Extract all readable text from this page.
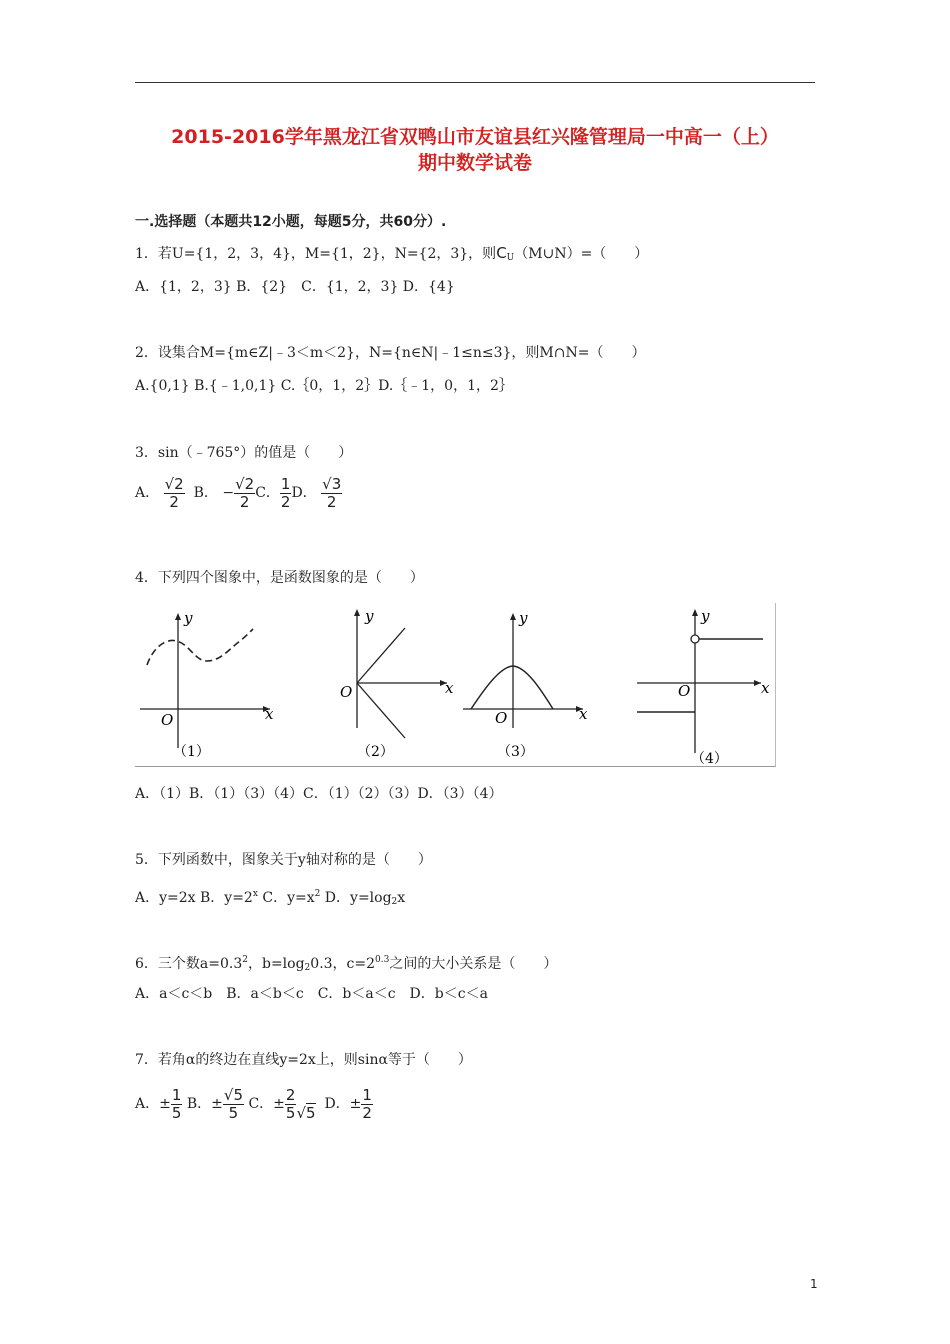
2015-2016学年黑龙江省双鸭山市友谊县红兴隆管理局一中高一（上）
期中数学试卷
一.选择题（本题共12小题，每题5分，共60分）.
1．若U={1，2，3，4}，M={1，2}，N={2，3}，则$C_U(M\cup N)=$（　　）
A．{1，2，3} B．{2}　C．{1，2，3} D．{4}
2．设集合M={m∈Z|﹣3＜m＜2}，N={n∈N|﹣1≤n≤3}，则M∩N=（　　）
A.{0,1} B.{﹣1,0,1} C.｛0，1，2｝D.｛﹣1，0，1，2｝
3．sin（﹣765°）的值是（　　）
A． $\frac{√2}{2}$ B． − $\frac{√2}{2}$ C． $\frac{1}{2}$ D． $\frac{√3}{2}$
4．下列四个图象中，是函数图象的是（　　）
x
y
O
（1）
x
y
O
（2）
x
y
O
（3）
x
y
O
（4）
A．（1）B．（1）（3）（4）C．（1）（2）（3）D．（3）（4）
5．下列函数中，图象关于y轴对称的是（　　）
A．y=2x B．$y=2^x$ C．$y=x^2$ D．$y=\log_2x$
6．三个数$a=0.3^2$，$b=\log_20.3$，$c=2^{0.3}$之间的大小关系是（　　）
A．a＜c＜b　B．a＜b＜c　C．b＜a＜c　D．b＜c＜a
7．若角α的终边在直线y=2x上，则sinα等于（　　）
A．± $\frac{1}{5}$ B．± $\frac{√5}{5}$ C．± $\frac{2}{5} √5$ D．± $\frac{1}{2}$
1
